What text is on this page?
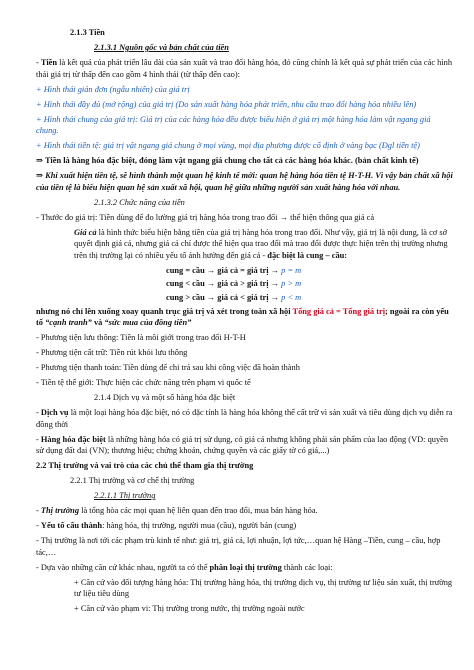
2.1.3 Tiền

2.1.3.1 Nguồn gốc và bản chất của tiền

- Tiền là kết quả của phát triển lâu dài của sản xuất và trao đổi hàng hóa, đó cũng chính là kết quả sự phát triển của các hình thái giá trị từ thấp đến cao gồm 4 hình thái (từ thấp đến cao):

+ Hình thái giản đơn (ngẫu nhiên) của giá trị

+ Hình thái đầy đủ (mở rộng) của giá trị (Do sản xuất hàng hóa phát triển, nhu cầu trao đổi hàng hóa nhiều lên)

+ Hình thái chung của giá trị: Giá trị của các hàng hóa đều được biểu hiện ở giá trị một hàng hóa làm vật ngang giá chung.

+ Hình thái tiền tệ: giá trị vật ngang giá chung ở mọi vùng, mọi địa phương được cố định ở vàng bạc (Đgl tiền tệ)

⇒ Tiền là hàng hóa đặc biệt, đóng làm vật ngang giá chung cho tất cả các hàng hóa khác. (bản chất kinh tế)

⇒ Khi xuất hiện tiền tệ, sẽ hình thành một quan hệ kinh tế mới: quan hệ hàng hóa tiền tệ H-T-H. Vì vậy bản chất xã hội của tiền tệ là biểu hiện quan hệ sản xuất xã hội, quan hệ giữa những người sản xuất hàng hóa với nhau.

2.1.3.2 Chức năng của tiền

- Thước đo giá trị: Tiền dùng để đo lường giá trị hàng hóa trong trao đổi → thể hiện thông qua giá cả

Giá cả là hình thức biểu hiện bằng tiền của giá trị hàng hóa trong trao đổi. Như vậy, giá trị là nội dung, là cơ sở quyết định giá cả, nhưng giá cả chỉ được thể hiện qua trao đổi mà trao đổi được thực hiện trên thị trường nhưng trên thị trường lại có nhiều yếu tố ảnh hưởng đến giá cả - đặc biệt là cung – cầu:

cung = cầu → giá cả = giá trị → p = m

cung < cầu → giá cả > giá trị → p > m

cung > cầu → giá cả < giá trị → p < m

nhưng nó chỉ lên xuống xoay quanh trục giá trị và xét trong toàn xã hội Tổng giá cả = Tổng giá trị; ngoài ra còn yếu tố “cạnh tranh” và “sức mua của đồng tiền”

- Phương tiện lưu thông: Tiền là môi giới trong trao đổi H-T-H

- Phương tiện cất trữ: Tiền rút khỏi lưu thông

- Phương tiện thanh toán: Tiền dùng để chi trả sau khi công việc đã hoàn thành

- Tiền tệ thế giới: Thực hiện các chức năng trên phạm vi quốc tế

2.1.4 Dịch vụ và một số hàng hóa đặc biệt

- Dịch vụ là một loại hàng hóa đặc biệt, nó có đặc tính là hàng hóa không thể cất trữ vì sản xuất và tiêu dùng dịch vụ diễn ra đồng thời

- Hàng hóa đặc biệt là những hàng hóa có giá trị sử dụng, có giá cả nhưng không phải sản phẩm của lao động (VD: quyền sử dụng đất đai (VN); thương hiệu; chứng khoán, chứng quyền và các giấy tờ có giá,...)

2.2 Thị trường và vai trò của các chủ thể tham gia thị trường

2.2.1 Thị trường và cơ chế thị trường

2.2.1.1 Thị trường

- Thị trường là tổng hòa các mọi quan hệ liên quan đến trao đổi, mua bán hàng hóa.

- Yếu tố cấu thành: hàng hóa, thị trường, người mua (cầu), người bán (cung)

- Thị trường là nơi tới các phạm trù kinh tế như: giá trị, giá cả, lợi nhuận, lợi tức,…quan hệ Hàng –Tiền, cung – cầu, hợp tác,…

- Dựa vào những căn cứ khác nhau, người ta có thể phân loại thị trường thành các loại:

+ Căn cứ vào đối tượng hàng hóa: Thị trường hàng hóa, thị trường dịch vụ, thị trường tư liệu sản xuất, thị trường tư liệu tiêu dùng

+ Căn cứ vào phạm vi: Thị trường trong nước, thị trường ngoài nước
